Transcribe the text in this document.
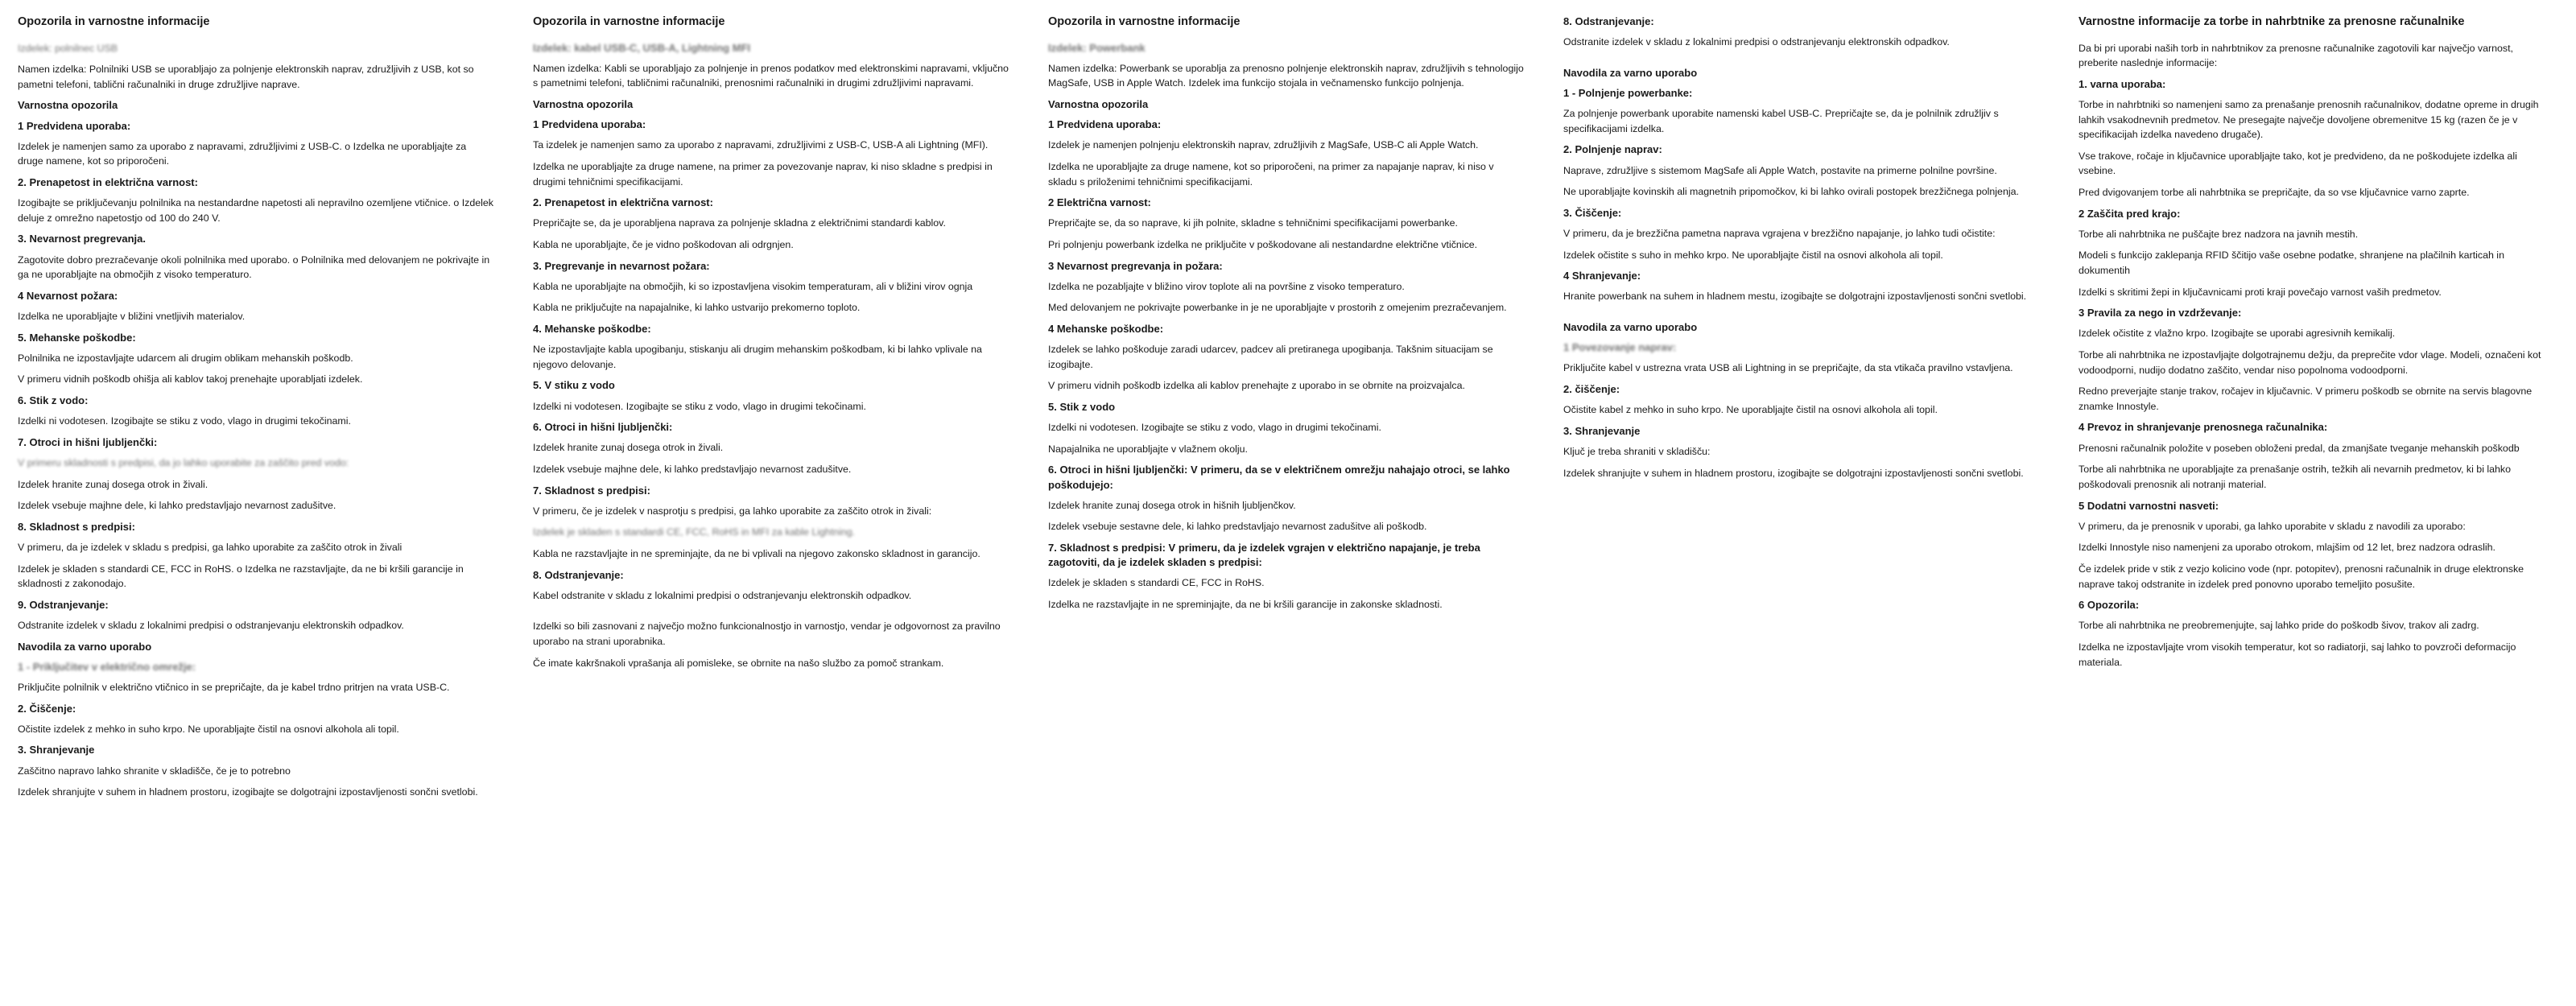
Opozorila in varnostne informacije
Izdelek: polnilnec USB
Namen izdelka: Polnilniki USB se uporabljajo za polnjenje elektronskih naprav, združljivih z USB, kot so pametni telefoni, tablični računalniki in druge združljive naprave.
Varnostna opozorila
1 Predvidena uporaba:
Izdelek je namenjen samo za uporabo z napravami, združljivimi z USB-C. o Izdelka ne uporabljajte za druge namene, kot so priporočeni.
2. Prenapetost in električna varnost:
Izogibajte se priključevanju polnilnika na nestandardne napetosti ali nepravilno ozemljene vtičnice. o Izdelek deluje z omrežno napetostjo od 100 do 240 V.
3. Nevarnost pregrevanja.
Zagotovite dobro prezračevanje okoli polnilnika med uporabo. o Polnilnika med delovanjem ne pokrivajte in ga ne uporabljajte na območjih z visoko temperaturo.
4 Nevarnost požara:
Izdelka ne uporabljajte v bližini vnetljivih materialov.
5. Mehanske poškodbe:
Polnilnika ne izpostavljajte udarcem ali drugim oblikam mehanskih poškodb.
V primeru vidnih poškodb ohišja ali kablov takoj prenehajte uporabljati izdelek.
6. Stik z vodo:
Izdelki ni vodotesen. Izogibajte se stiku z vodo, vlago in drugimi tekočinami.
7. Otroci in hišni ljubljenčki:
V primeru skladnosti s predpisi, da jo lahko uporabite za zaščito pred vodo:
Izdelek hranite zunaj dosega otrok in živali.
Izdelek vsebuje majhne dele, ki lahko predstavljajo nevarnost zadušitve.
8. Skladnost s predpisi:
V primeru, da je izdelek v skladu s predpisi, ga lahko uporabite za zaščito otrok in živali
Izdelek je skladen s standardi CE, FCC in RoHS. o Izdelka ne razstavljajte, da ne bi kršili garancije in skladnosti z zakonodajo.
9. Odstranjevanje:
Odstranite izdelek v skladu z lokalnimi predpisi o odstranjevanju elektronskih odpadkov.
Navodila za varno uporabo
1 - Priključitev v električno omrežje:
Priključite polnilnik v električno vtičnico in se prepričajte, da je kabel trdno pritrjen na vrata USB-C.
2. Čiščenje:
Očistite izdelek z mehko in suho krpo. Ne uporabljajte čistil na osnovi alkohola ali topil.
3. Shranjevanje
Zaščitno napravo lahko shranite v skladišče, če je to potrebno
Izdelek shranjujte v suhem in hladnem prostoru, izogibajte se dolgotrajni izpostavljenosti sončni svetlobi.
Opozorila in varnostne informacije
Izdelek: kabel USB-C, USB-A, Lightning MFI
Namen izdelka: Kabli se uporabljajo za polnjenje in prenos podatkov med elektronskimi napravami, vključno s pametnimi telefoni, tabličnimi računalniki, prenosnimi računalniki in drugimi združljivimi napravami.
Varnostna opozorila
1 Predvidena uporaba:
Ta izdelek je namenjen samo za uporabo z napravami, združljivimi z USB-C, USB-A ali Lightning (MFI).
Izdelka ne uporabljajte za druge namene, na primer za povezovanje naprav, ki niso skladne s predpisi in drugimi tehničnimi specifikacijami.
2. Prenapetost in električna varnost:
Prepričajte se, da je uporabljena naprava za polnjenje skladna z električnimi standardi kablov.
Kabla ne uporabljajte, če je vidno poškodovan ali odrgnjen.
3. Pregrevanje in nevarnost požara:
Kabla ne uporabljajte na območjih, ki so izpostavljena visokim temperaturam, ali v bližini virov ognja
Kabla ne priključujte na napajalnike, ki lahko ustvarijo prekomerno toploto.
4. Mehanske poškodbe:
Ne izpostavljajte kabla upogibanju, stiskanju ali drugim mehanskim poškodbam, ki bi lahko vplivale na njegovo delovanje.
5. V stiku z vodo
Izdelki ni vodotesen. Izogibajte se stiku z vodo, vlago in drugimi tekočinami.
6. Otroci in hišni ljubljenčki:
Izdelek hranite zunaj dosega otrok in živali.
Izdelek vsebuje majhne dele, ki lahko predstavljajo nevarnost zadušitve.
7. Skladnost s predpisi:
V primeru, če je izdelek v nasprotju s predpisi, ga lahko uporabite za zaščito otrok in živali:
Izdelek je skladen s standardi CE, FCC, RoHS in MFI za kable Lightning.
Kabla ne razstavljajte in ne spreminjajte, da ne bi vplivali na njegovo zakonsko skladnost in garancijo.
8. Odstranjevanje:
Kabel odstranite v skladu z lokalnimi predpisi o odstranjevanju elektronskih odpadkov.
Izdelki so bili zasnovani z največjo možno funkcionalnostjo in varnostjo, vendar je odgovornost za pravilno uporabo na strani uporabnika.
Če imate kakršnakoli vprašanja ali pomisleke, se obrnite na našo službo za pomoč strankam.
Opozorila in varnostne informacije
Izdelek: Powerbank
Namen izdelka: Powerbank se uporablja za prenosno polnjenje elektronskih naprav, združljivih s tehnologijo MagSafe, USB in Apple Watch. Izdelek ima funkcijo stojala in večnamensko funkcijo polnjenja.
Varnostna opozorila
1 Predvidena uporaba:
Izdelek je namenjen polnjenju elektronskih naprav, združljivih z MagSafe, USB-C ali Apple Watch.
Izdelka ne uporabljajte za druge namene, kot so priporočeni, na primer za napajanje naprav, ki niso v skladu s priloženimi tehničnimi specifikacijami.
2 Električna varnost:
Prepričajte se, da so naprave, ki jih polnite, skladne s tehničnimi specifikacijami powerbanke.
Pri polnjenju powerbank izdelka ne priključite v poškodovane ali nestandardne električne vtičnice.
3 Nevarnost pregrevanja in požara:
Izdelka ne pozabljajte v bližino virov toplote ali na površine z visoko temperaturo.
Med delovanjem ne pokrivajte powerbanke in je ne uporabljajte v prostorih z omejenim prezračevanjem.
4 Mehanske poškodbe:
Izdelek se lahko poškoduje zaradi udarcev, padcev ali pretiranega upogibanja. Takšnim situacijam se izogibajte.
V primeru vidnih poškodb izdelka ali kablov prenehajte z uporabo in se obrnite na proizvajalca.
5. Stik z vodo
Izdelki ni vodotesen. Izogibajte se stiku z vodo, vlago in drugimi tekočinami.
Napajalnika ne uporabljajte v vlažnem okolju.
6. Otroci in hišni ljubljenčki: V primeru, da se v električnem omrežju nahajajo otroci, se lahko poškodujejo:
Izdelek hranite zunaj dosega otrok in hišnih ljubljenčkov.
Izdelek vsebuje sestavne dele, ki lahko predstavljajo nevarnost zadušitve ali poškodb.
7. Skladnost s predpisi: V primeru, da je izdelek vgrajen v električno napajanje, je treba zagotoviti, da je izdelek skladen s predpisi:
Izdelek je skladen s standardi CE, FCC in RoHS.
Izdelka ne razstavljajte in ne spreminjajte, da ne bi kršili garancije in zakonske skladnosti.
8. Odstranjevanje:
Odstranite izdelek v skladu z lokalnimi predpisi o odstranjevanju elektronskih odpadkov.
Navodila za varno uporabo
1 - Polnjenje powerbanke:
Za polnjenje powerbank uporabite namenski kabel USB-C. Prepričajte se, da je polnilnik združljiv s specifikacijami izdelka.
2. Polnjenje naprav:
Naprave, združljive s sistemom MagSafe ali Apple Watch, postavite na primerne polnilne površine.
Ne uporabljajte kovinskih ali magnetnih pripomočkov, ki bi lahko ovirali postopek brezžičnega polnjenja.
3. Čiščenje:
V primeru, da je brezžična pametna naprava vgrajena v brezžično napajanje, jo lahko tudi očistite:
Izdelek očistite s suho in mehko krpo. Ne uporabljajte čistil na osnovi alkohola ali topil.
4 Shranjevanje:
Hranite powerbank na suhem in hladnem mestu, izogibajte se dolgotrajni izpostavljenosti sončni svetlobi.
Navodila za varno uporabo
1 Povezovanje naprav:
Priključite kabel v ustrezna vrata USB ali Lightning in se prepričajte, da sta vtikača pravilno vstavljena.
2. čiščenje:
Očistite kabel z mehko in suho krpo. Ne uporabljajte čistil na osnovi alkohola ali topil.
3. Shranjevanje
Ključ je treba shraniti v skladišču:
Izdelek shranjujte v suhem in hladnem prostoru, izogibajte se dolgotrajni izpostavljenosti sončni svetlobi.
Varnostne informacije za torbe in nahrbtnike za prenosne računalnike
Da bi pri uporabi naših torb in nahrbtnikov za prenosne računalnike zagotovili kar največjo varnost, preberite naslednje informacije:
1. varna uporaba:
Torbe in nahrbtniki so namenjeni samo za prenašanje prenosnih računalnikov, dodatne opreme in drugih lahkih vsakodnevnih predmetov. Ne presegajte največje dovoljene obremenitve 15 kg (razen če je v specifikacijah izdelka navedeno drugače).
Vse trakove, ročaje in ključavnice uporabljajte tako, kot je predvideno, da ne poškodujete izdelka ali vsebine.
Pred dvigovanjem torbe ali nahrbtnika se prepričajte, da so vse ključavnice varno zaprte.
2 Zaščita pred krajo:
Torbe ali nahrbtnika ne puščajte brez nadzora na javnih mestih.
Modeli s funkcijo zaklepanja RFID ščitijo vaše osebne podatke, shranjene na plačilnih karticah in dokumentih
Izdelki s skritimi žepi in ključavnicami proti kraji povečajo varnost vaših predmetov.
3 Pravila za nego in vzdrževanje:
Izdelek očistite z vlažno krpo. Izogibajte se uporabi agresivnih kemikalij.
Torbe ali nahrbtnika ne izpostavljajte dolgotrajnemu dežju, da preprečite vdor vlage. Modeli, označeni kot vodoodporni, nudijo dodatno zaščito, vendar niso popolnoma vodoodporni.
Redno preverjajte stanje trakov, ročajev in ključavnic. V primeru poškodb se obrnite na servis blagovne znamke Innostyle.
4 Prevoz in shranjevanje prenosnega računalnika:
Prenosni računalnik položite v poseben obloženi predal, da zmanjšate tveganje mehanskih poškodb
Torbe ali nahrbtnika ne uporabljajte za prenašanje ostrih, težkih ali nevarnih predmetov, ki bi lahko poškodovali prenosnik ali notranji material.
5 Dodatni varnostni nasveti:
V primeru, da je prenosnik v uporabi, ga lahko uporabite v skladu z navodili za uporabo:
Izdelki Innostyle niso namenjeni za uporabo otrokom, mlajšim od 12 let, brez nadzora odraslih.
Če izdelek pride v stik z vezjo kolicino vode (npr. potopitev), prenosni računalnik in druge elektronske naprave takoj odstranite in izdelek pred ponovno uporabo temeljito posušite.
6 Opozorila:
Torbe ali nahrbtnika ne preobremenjujte, saj lahko pride do poškodb šivov, trakov ali zadrg.
Izdelka ne izpostavljajte vrom visokih temperatur, kot so radiatorji, saj lahko to povzroči deformacijo materiala.
